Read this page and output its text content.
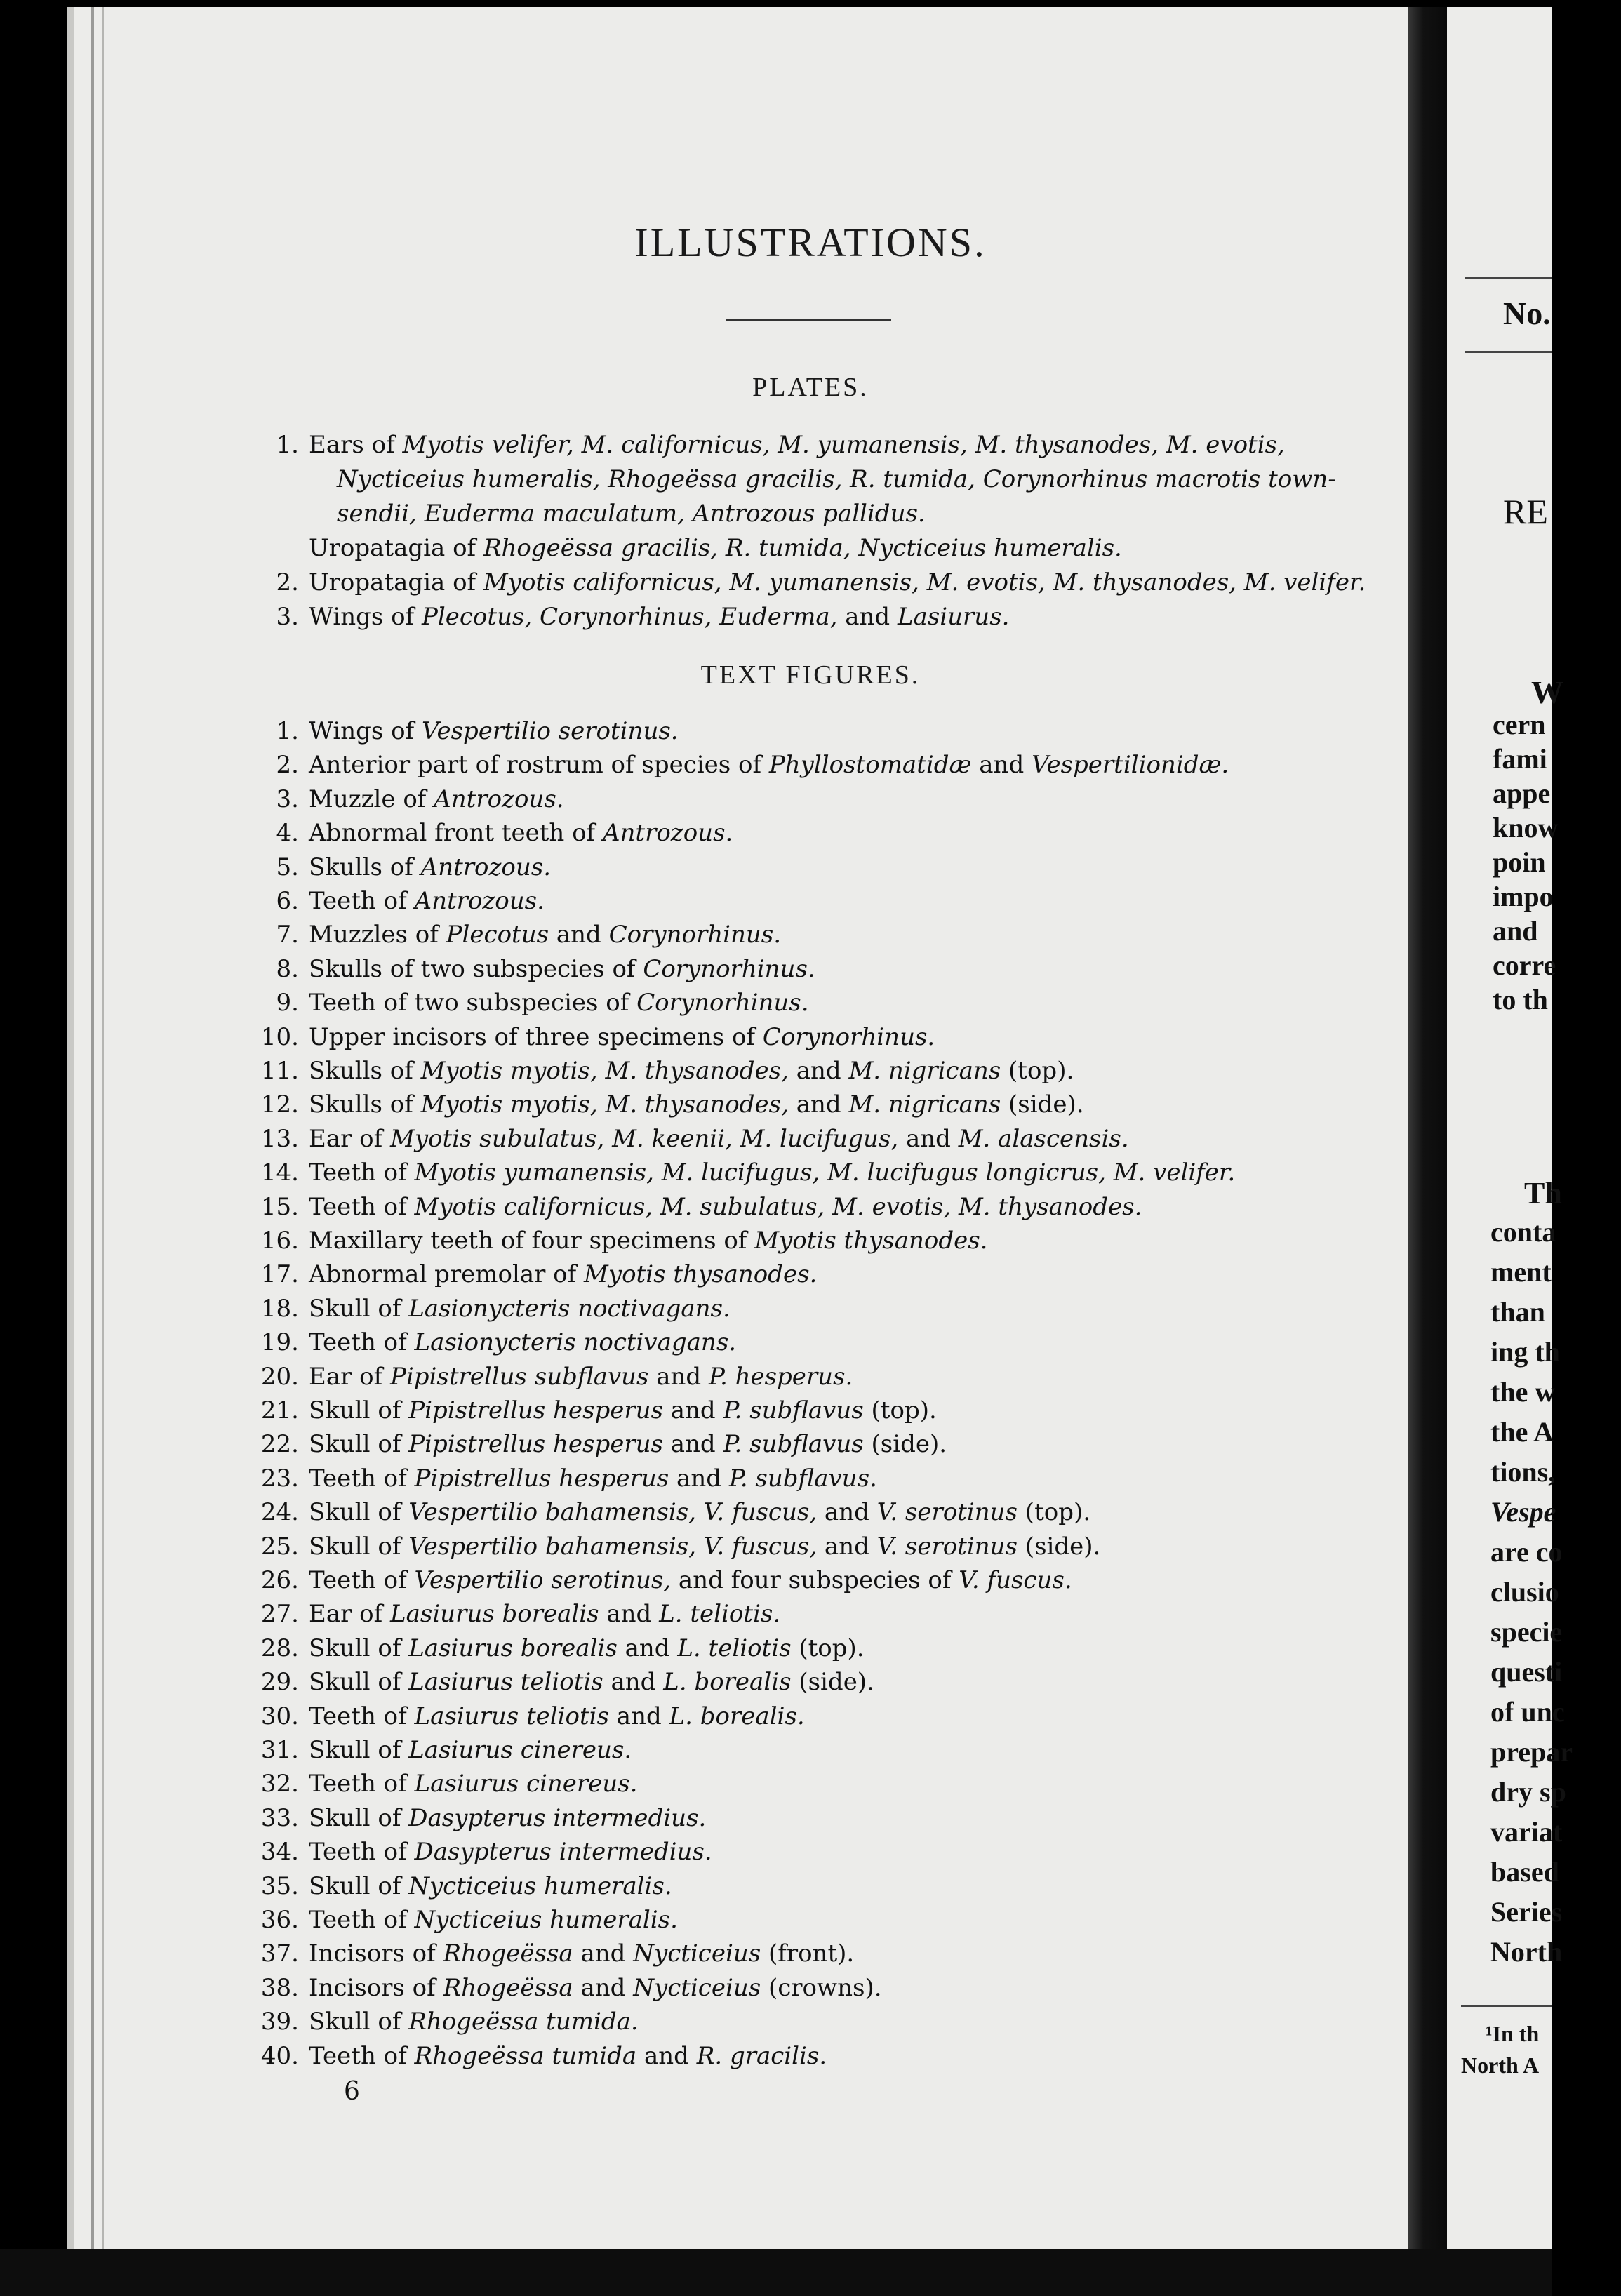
No.
RE
W
cern
fami
appe
know
poin
impo
and
corre
to th
Th
conta
ment
than
ing th
the w
the A
tions,
Vespe
are co
clusio
specie
questi
of unc
prepar
dry sp
variat
based
Series
North
¹In th
North A
ILLUSTRATIONS.
PLATES.
1. Ears of Myotis velifer, M. californicus, M. yumanensis, M. thysanodes, M. evotis,
Nycticeius humeralis, Rhogeëssa gracilis, R. tumida, Corynorhinus macrotis town-
sendii, Euderma maculatum, Antrozous pallidus.
Uropatagia of Rhogeëssa gracilis, R. tumida, Nycticeius humeralis.
2. Uropatagia of Myotis californicus, M. yumanensis, M. evotis, M. thysanodes, M. velifer.
3. Wings of Plecotus, Corynorhinus, Euderma, and Lasiurus.
TEXT FIGURES.
1. Wings of Vespertilio serotinus.
2. Anterior part of rostrum of species of Phyllostomatidæ and Vespertilionidæ.
3. Muzzle of Antrozous.
4. Abnormal front teeth of Antrozous.
5. Skulls of Antrozous.
6. Teeth of Antrozous.
7. Muzzles of Plecotus and Corynorhinus.
8. Skulls of two subspecies of Corynorhinus.
9. Teeth of two subspecies of Corynorhinus.
10. Upper incisors of three specimens of Corynorhinus.
11. Skulls of Myotis myotis, M. thysanodes, and M. nigricans (top).
12. Skulls of Myotis myotis, M. thysanodes, and M. nigricans (side).
13. Ear of Myotis subulatus, M. keenii, M. lucifugus, and M. alascensis.
14. Teeth of Myotis yumanensis, M. lucifugus, M. lucifugus longicrus, M. velifer.
15. Teeth of Myotis californicus, M. subulatus, M. evotis, M. thysanodes.
16. Maxillary teeth of four specimens of Myotis thysanodes.
17. Abnormal premolar of Myotis thysanodes.
18. Skull of Lasionycteris noctivagans.
19. Teeth of Lasionycteris noctivagans.
20. Ear of Pipistrellus subflavus and P. hesperus.
21. Skull of Pipistrellus hesperus and P. subflavus (top).
22. Skull of Pipistrellus hesperus and P. subflavus (side).
23. Teeth of Pipistrellus hesperus and P. subflavus.
24. Skull of Vespertilio bahamensis, V. fuscus, and V. serotinus (top).
25. Skull of Vespertilio bahamensis, V. fuscus, and V. serotinus (side).
26. Teeth of Vespertilio serotinus, and four subspecies of V. fuscus.
27. Ear of Lasiurus borealis and L. teliotis.
28. Skull of Lasiurus borealis and L. teliotis (top).
29. Skull of Lasiurus teliotis and L. borealis (side).
30. Teeth of Lasiurus teliotis and L. borealis.
31. Skull of Lasiurus cinereus.
32. Teeth of Lasiurus cinereus.
33. Skull of Dasypterus intermedius.
34. Teeth of Dasypterus intermedius.
35. Skull of Nycticeius humeralis.
36. Teeth of Nycticeius humeralis.
37. Incisors of Rhogeëssa and Nycticeius (front).
38. Incisors of Rhogeëssa and Nycticeius (crowns).
39. Skull of Rhogeëssa tumida.
40. Teeth of Rhogeëssa tumida and R. gracilis.
6
